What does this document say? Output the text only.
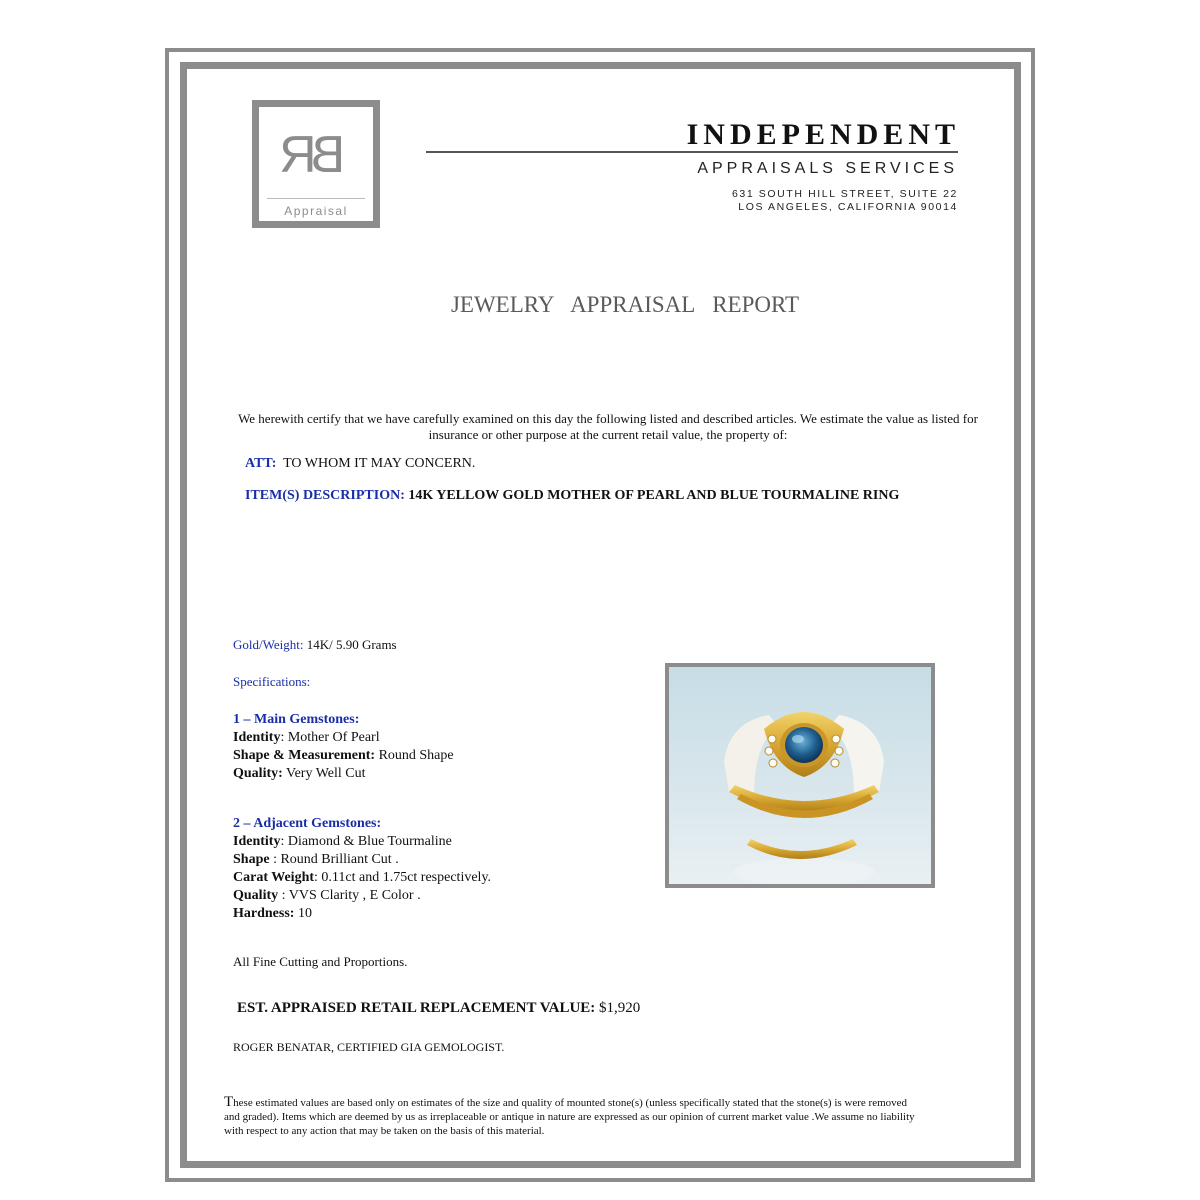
BR
Appraisal
INDEPENDENT
APPRAISALS SERVICES
631 SOUTH HILL STREET, SUITE 22
LOS ANGELES, CALIFORNIA 90014
JEWELRY APPRAISAL REPORT
We herewith certify that we have carefully examined on this day the following listed and described articles. We estimate the value as listed for insurance or other purpose at the current retail value, the property of:
ATT: TO WHOM IT MAY CONCERN.
ITEM(S) DESCRIPTION: 14K YELLOW GOLD MOTHER OF PEARL AND BLUE TOURMALINE RING
Gold/Weight: 14K/ 5.90 Grams
Specifications:
1 – Main Gemstones:
Identity: Mother Of Pearl
Shape & Measurement: Round Shape
Quality: Very Well Cut
2 – Adjacent Gemstones:
Identity: Diamond & Blue Tourmaline
Shape : Round Brilliant Cut .
Carat Weight: 0.11ct and 1.75ct respectively.
Quality : VVS Clarity , E Color .
Hardness: 10
All Fine Cutting and Proportions.
EST. APPRAISED RETAIL REPLACEMENT VALUE: $1,920
ROGER BENATAR, CERTIFIED GIA GEMOLOGIST.
These estimated values are based only on estimates of the size and quality of mounted stone(s) (unless specifically stated that the stone(s) is were removed and graded). Items which are deemed by us as irreplaceable or antique in nature are expressed as our opinion of current market value .We assume no liability with respect to any action that may be taken on the basis of this material.
